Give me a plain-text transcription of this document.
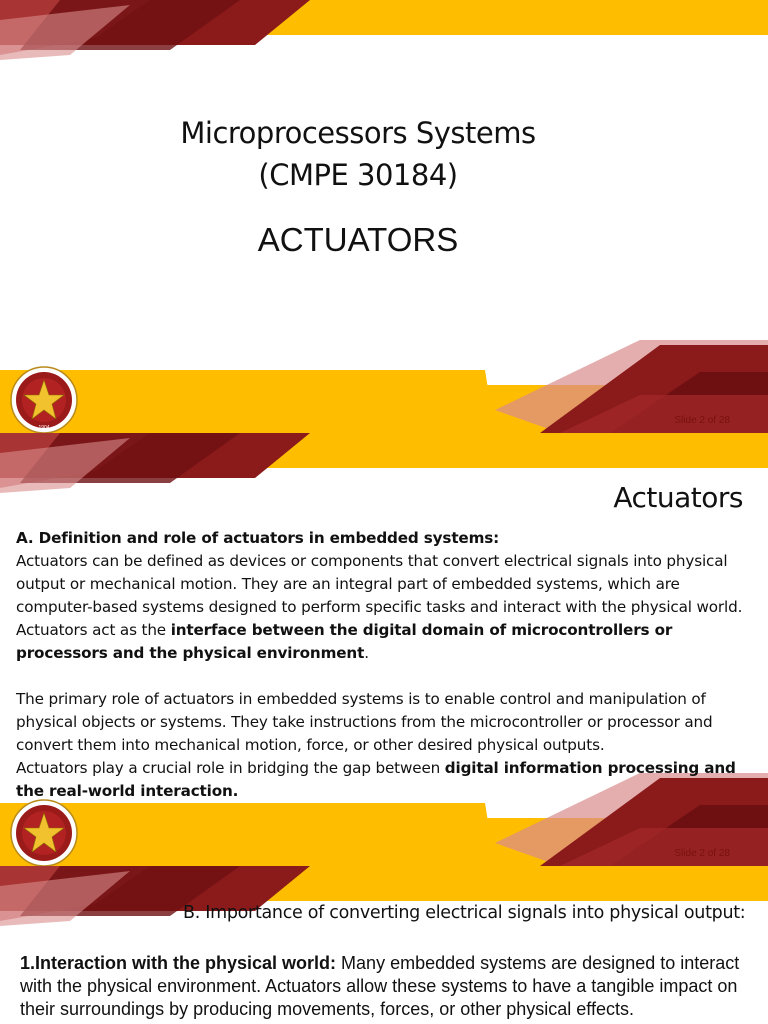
Microprocessors Systems
(CMPE 30184)
ACTUATORS
1904
Slide 2 of 28
Actuators

A. Definition and role of actuators in embedded systems:

Actuators can be defined as devices or components that convert electrical signals into physical output or mechanical motion. They are an integral part of embedded systems, which are computer-based systems designed to perform specific tasks and interact with the physical world. Actuators act as the interface between the digital domain of microcontrollers or processors and the physical environment.

The primary role of actuators in embedded systems is to enable control and manipulation of physical objects or systems. They take instructions from the microcontroller or processor and convert them into mechanical motion, force, or other desired physical outputs.

Actuators play a crucial role in bridging the gap between digital information processing and the real-world interaction.

Slide 2 of 28
B. Importance of converting electrical signals into physical output:
1.Interaction with the physical world: Many embedded systems are designed to interact with the physical environment. Actuators allow these systems to have a tangible impact on their surroundings by producing movements, forces, or other physical effects.
